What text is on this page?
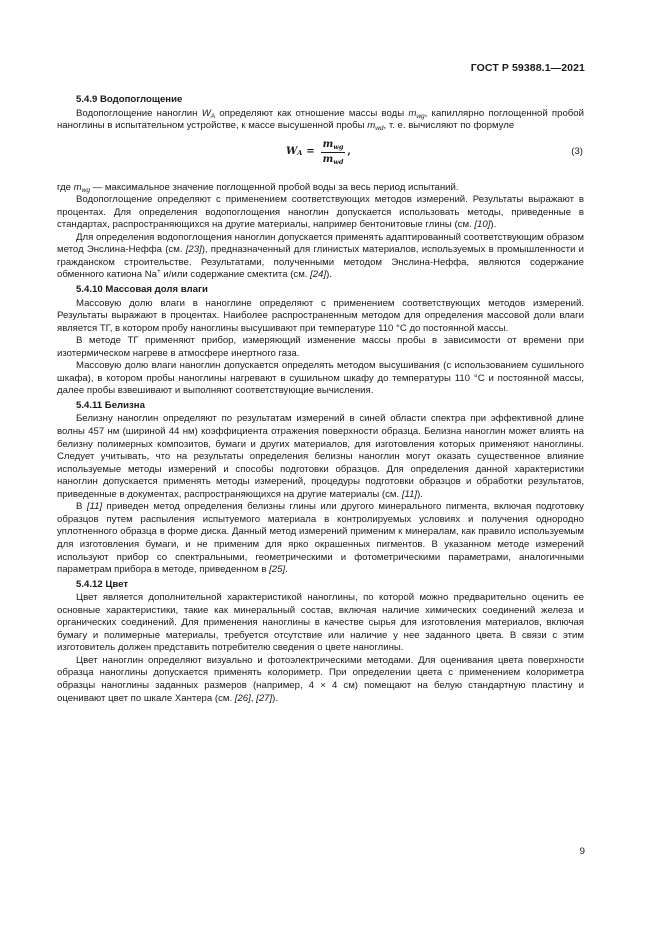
ГОСТ Р 59388.1—2021
5.4.9 Водопоглощение

Водопоглощение наноглин $W_A$ определяют как отношение массы воды $m_{wg}$, капиллярно поглощенной пробой наноглины в испытательном устройстве, к массе высушенной пробы $m_{wd}$, т. е. вычисляют по формуле

W $A = \frac{m_{wg}}{m_{wd}}$ ,	(3)

где $m_{wg}$ — максимальное значение поглощенной пробой воды за весь период испытаний.

Водопоглощение определяют с применением соответствующих методов измерений. Результаты выражают в процентах. Для определения водопоглощения наноглин допускается использовать методы, приведенные в стандартах, распространяющихся на другие материалы, например бентонитовые глины (см. [10]).

Для определения водопоглощения наноглин допускается применять адаптированный соответствующим образом метод Энслина-Неффа (см. [23]), предназначенный для глинистых материалов, используемых в промышленности и гражданском строительстве. Результатами, полученными методом Энслина-Неффа, являются содержание обменного катиона Na+ и/или содержание смектита (см. [24]).

5.4.10 Массовая доля влаги

Массовую долю влаги в наноглине определяют с применением соответствующих методов измерений. Результаты выражают в процентах. Наиболее распространенным методом для определения массовой доли влаги является ТГ, в котором пробу наноглины высушивают при температуре 110 °С до постоянной массы.

В методе ТГ применяют прибор, измеряющий изменение массы пробы в зависимости от времени при изотермическом нагреве в атмосфере инертного газа.

Массовую долю влаги наноглин допускается определять методом высушивания (с использованием сушильного шкафа), в котором пробы наноглины нагревают в сушильном шкафу до температуры 110 °С и постоянной массы, далее пробы взвешивают и выполняют соответствующие вычисления.

5.4.11 Белизна

Белизну наноглин определяют по результатам измерений в синей области спектра при эффективной длине волны 457 нм (шириной 44 нм) коэффициента отражения поверхности образца. Белизна наноглин может влиять на белизну полимерных композитов, бумаги и других материалов, для изготовления которых применяют наноглины. Следует учитывать, что на результаты определения белизны наноглин могут оказать существенное влияние используемые методы измерений и способы подготовки образцов. Для определения данной характеристики наноглин допускается применять методы измерений, процедуры подготовки образцов и обработки результатов, приведенные в документах, распространяющихся на другие материалы (см. [11]).

В [11] приведен метод определения белизны глины или другого минерального пигмента, включая подготовку образцов путем распыления испытуемого материала в контролируемых условиях и получения однородно уплотненного образца в форме диска. Данный метод измерений применим к минералам, как правило используемым для изготовления бумаги, и не применим для ярко окрашенных пигментов. В указанном методе измерений используют прибор со спектральными, геометрическими и фотометрическими параметрами, аналогичными параметрам прибора в методе, приведенном в [25].

5.4.12 Цвет

Цвет является дополнительной характеристикой наноглины, по которой можно предварительно оценить ее основные характеристики, такие как минеральный состав, включая наличие химических соединений железа и органических соединений. Для применения наноглины в качестве сырья для изготовления материалов, включая бумагу и полимерные материалы, требуется отсутствие или наличие у нее заданного цвета. В связи с этим изготовитель должен представить потребителю сведения о цвете наноглины.

Цвет наноглин определяют визуально и фотоэлектрическими методами. Для оценивания цвета поверхности образца наноглины допускается применять колориметр. При определении цвета с применением колориметра образцы наноглины заданных размеров (например, 4 × 4 см) помещают на белую стандартную пластину и оценивают цвет по шкале Хантера (см. [26], [27]).

9
